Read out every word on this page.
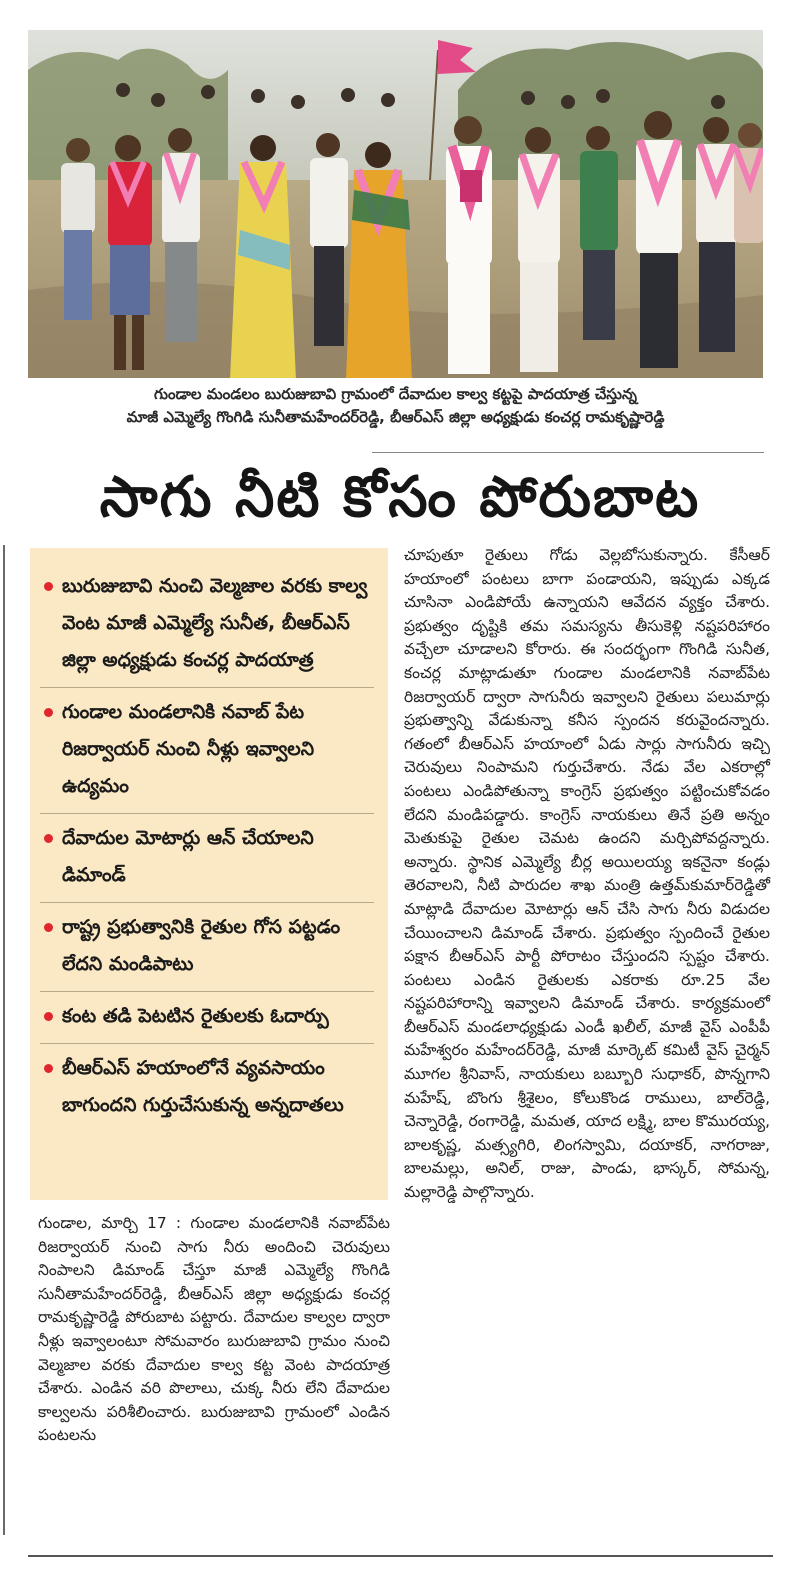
గుండాల మండలం బురుజుబావి గ్రామంలో దేవాదుల కాల్వ కట్టపై పాదయాత్ర చేస్తున్న
మాజీ ఎమ్మెల్యే గొంగిడి సునీతామహేందర్‌రెడ్డి, బీఆర్‌ఎస్ జిల్లా అధ్యక్షుడు కంచర్ల రామకృష్ణారెడ్డి
సాగు నీటి కోసం పోరుబాట
బురుజుబావి నుంచి వెల్మజాల వరకు కాల్వ వెంట మాజీ ఎమ్మెల్యే సునీత, బీఆర్‌ఎస్ జిల్లా అధ్యక్షుడు కంచర్ల పాదయాత్ర
గుండాల మండలానికి నవాబ్ పేట రిజర్వాయర్ నుంచి నీళ్లు ఇవ్వాలని ఉద్యమం
దేవాదుల మోటార్లు ఆన్ చేయాలని డిమాండ్
రాష్ట్ర ప్రభుత్వానికి రైతుల గోస పట్టడం లేదని మండిపాటు
కంట తడి పెటటిన రైతులకు ఓదార్పు
బీఆర్‌ఎస్ హయాంలోనే వ్యవసాయం బాగుందని గుర్తుచేసుకున్న అన్నదాతలు
గుండాల, మార్చి 17 : గుండాల మండలానికి నవాబ్‌పేట రిజర్వాయర్ నుంచి సాగు నీరు అందించి చెరువులు నింపాలని డిమాండ్ చేస్తూ మాజీ ఎమ్మెల్యే గొంగిడి సునీతామహేందర్‌రెడ్డి, బీఆర్‌ఎస్ జిల్లా అధ్యక్షుడు కంచర్ల రామకృష్ణారెడ్డి పోరుబాట పట్టారు. దేవాదుల కాల్వల ద్వారా నీళ్లు ఇవ్వాలంటూ సోమవారం బురుజుబావి గ్రామం నుంచి వెల్మజాల వరకు దేవాదుల కాల్వ కట్ట వెంట పాదయాత్ర చేశారు. ఎండిన వరి పొలాలు, చుక్క నీరు లేని దేవాదుల కాల్వలను పరిశీలించారు. బురుజుబావి గ్రామంలో ఎండిన పంటలను
చూపుతూ రైతులు గోడు వెల్లబోసుకున్నారు. కేసీఆర్ హయాంలో పంటలు బాగా పండాయని, ఇప్పుడు ఎక్కడ చూసినా ఎండిపోయే ఉన్నాయని ఆవేదన వ్యక్తం చేశారు. ప్రభుత్వం దృష్టికి తమ సమస్యను తీసుకెళ్లి నష్టపరిహారం వచ్చేలా చూడాలని కోరారు. ఈ సందర్భంగా గొంగిడి సునీత, కంచర్ల మాట్లాడుతూ గుండాల మండలానికి నవాబ్‌పేట రిజర్వాయర్ ద్వారా సాగునీరు ఇవ్వాలని రైతులు పలుమార్లు ప్రభుత్వాన్ని వేడుకున్నా కనీస స్పందన కరువైందన్నారు. గతంలో బీఆర్‌ఎస్ హయాంలో ఏడు సార్లు సాగునీరు ఇచ్చి చెరువులు నింపామని గుర్తుచేశారు. నేడు వేల ఎకరాల్లో పంటలు ఎండిపోతున్నా కాంగ్రెస్ ప్రభుత్వం పట్టించుకోవడం లేదని మండిపడ్డారు. కాంగ్రెస్ నాయకులు తినే ప్రతి అన్నం మెతుకుపై రైతుల చెమట ఉందని మర్చిపోవద్దన్నారు. అన్నారు. స్థానిక ఎమ్మెల్యే బీర్ల అయిలయ్య ఇకనైనా కండ్లు తెరవాలని, నీటి పారుదల శాఖ మంత్రి ఉత్తమ్‌కుమార్‌రెడ్డితో మాట్లాడి దేవాదుల మోటార్లు ఆన్ చేసి సాగు నీరు విడుదల చేయించాలని డిమాండ్ చేశారు. ప్రభుత్వం స్పందించే రైతుల పక్షాన బీఆర్‌ఎస్ పార్టీ పోరాటం చేస్తుందని స్పష్టం చేశారు. పంటలు ఎండిన రైతులకు ఎకరాకు రూ.25 వేల నష్టపరిహారాన్ని ఇవ్వాలని డిమాండ్ చేశారు. కార్యక్రమంలో బీఆర్‌ఎస్ మండలాధ్యక్షుడు ఎండీ ఖలీల్, మాజీ వైస్ ఎంపీపీ మహేశ్వరం మహేందర్‌రెడ్డి, మాజీ మార్కెట్ కమిటీ వైస్ చైర్మన్ మూగల శ్రీనివాస్, నాయకులు బబ్బూరి సుధాకర్, పొన్నగాని మహేష్, బొంగు శ్రీశైలం, కోలుకొండ రాములు, బాల్‌రెడ్డి, చెన్నారెడ్డి, రంగారెడ్డి, మమత, యాద లక్ష్మి, బాల కొమురయ్య, బాలకృష్ణ, మత్స్యగిరి, లింగస్వామి, దయాకర్, నాగరాజు, బాలమల్లు, అనిల్, రాజు, పాండు, భాస్కర్, సోమన్న, మల్లారెడ్డి పాల్గొన్నారు.
